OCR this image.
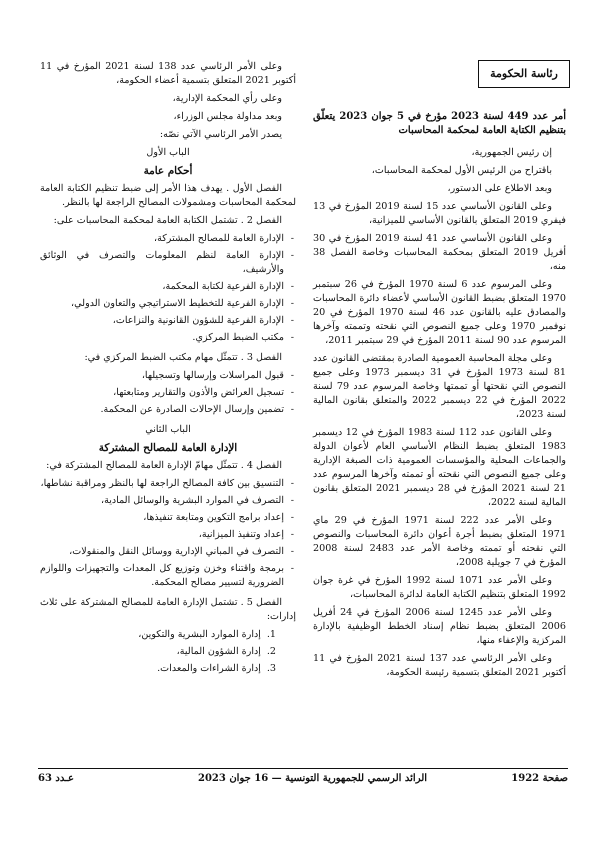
رئاسة الحكومة

أمر عدد 449 لسنة 2023 مؤرخ في 5 جوان 2023 يتعلّق بتنظيم الكتابة العامة لمحكمة المحاسبات

إن رئيس الجمهورية،

باقتراح من الرئيس الأول لمحكمة المحاسبات،

وبعد الاطلاع على الدستور،

وعلى القانون الأساسي عدد 15 لسنة 2019 المؤرخ في 13 فيفري 2019 المتعلق بالقانون الأساسي للميزانية،

وعلى القانون الأساسي عدد 41 لسنة 2019 المؤرخ في 30 أفريل 2019 المتعلق بمحكمة المحاسبات وخاصة الفصل 38 منه،

وعلى المرسوم عدد 6 لسنة 1970 المؤرخ في 26 سبتمبر 1970 المتعلق بضبط القانون الأساسي لأعضاء دائرة المحاسبات والمصادق عليه بالقانون عدد 46 لسنة 1970 المؤرخ في 20 نوفمبر 1970 وعلى جميع النصوص التي نقحته وتممته وآخرها المرسوم عدد 90 لسنة 2011 المؤرخ في 29 سبتمبر 2011،

وعلى مجلة المحاسبة العمومية الصادرة بمقتضى القانون عدد 81 لسنة 1973 المؤرخ في 31 ديسمبر 1973 وعلى جميع النصوص التي نقحتها أو تممتها وخاصة المرسوم عدد 79 لسنة 2022 المؤرخ في 22 ديسمبر 2022 والمتعلق بقانون المالية لسنة 2023،

وعلى القانون عدد 112 لسنة 1983 المؤرخ في 12 ديسمبر 1983 المتعلق بضبط النظام الأساسي العام لأعوان الدولة والجماعات المحلية والمؤسسات العمومية ذات الصبغة الإدارية وعلى جميع النصوص التي نقحته أو تممته وآخرها المرسوم عدد 21 لسنة 2021 المؤرخ في 28 ديسمبر 2021 المتعلق بقانون المالية لسنة 2022،

وعلى الأمر عدد 222 لسنة 1971 المؤرخ في 29 ماي 1971 المتعلق بضبط أجرة أعوان دائرة المحاسبات والنصوص التي نقحته أو تممته وخاصة الأمر عدد 2483 لسنة 2008 المؤرخ في 7 جويلية 2008،

وعلى الأمر عدد 1071 لسنة 1992 المؤرخ في غرة جوان 1992 المتعلق بتنظيم الكتابة العامة لدائرة المحاسبات،

وعلى الأمر عدد 1245 لسنة 2006 المؤرخ في 24 أفريل 2006 المتعلق بضبط نظام إسناد الخطط الوظيفية بالإدارة المركزية والإعفاء منها،

وعلى الأمر الرئاسي عدد 137 لسنة 2021 المؤرخ في 11 أكتوبر 2021 المتعلق بتسمية رئيسة الحكومة،

وعلى الأمر الرئاسي عدد 138 لسنة 2021 المؤرخ في 11 أكتوبر 2021 المتعلق بتسمية أعضاء الحكومة،

وعلى رأي المحكمة الإدارية،

وبعد مداولة مجلس الوزراء،

يصدر الأمر الرئاسي الآتي نصّه:

الباب الأول

أحكام عامة

الفصل الأول . يهدف هذا الأمر إلى ضبط تنظيم الكتابة العامة لمحكمة المحاسبات ومشمولات المصالح الراجعة لها بالنظر.

الفصل 2 . تشتمل الكتابة العامة لمحكمة المحاسبات على:

- الإدارة العامة للمصالح المشتركة،
- الإدارة العامة لنظم المعلومات والتصرف في الوثائق والأرشيف،
- الإدارة الفرعية لكتابة المحكمة،
- الإدارة الفرعية للتخطيط الاستراتيجي والتعاون الدولي،
- الإدارة الفرعية للشؤون القانونية والنزاعات،
- مكتب الضبط المركزي.

الفصل 3 . تتمثّل مهام مكتب الضبط المركزي في:

- قبول المراسلات وإرسالها وتسجيلها،
- تسجيل العرائض والأذون والتقارير ومتابعتها،
- تضمين وإرسال الإحالات الصادرة عن المحكمة.

الباب الثاني

الإدارة العامة للمصالح المشتركة

الفصل 4 . تتمثّل مهامّ الإدارة العامة للمصالح المشتركة في:

- التنسيق بين كافة المصالح الراجعة لها بالنظر ومراقبة نشاطها،
- التصرف في الموارد البشرية والوسائل المادية،
- إعداد برامج التكوين ومتابعة تنفيذها،
- إعداد وتنفيذ الميزانية،
- التصرف في المباني الإدارية ووسائل النقل والمنقولات،
- برمجة واقتناء وخزن وتوزيع كل المعدات والتجهيزات واللوازم الضرورية لتسيير مصالح المحكمة.

الفصل 5 . تشتمل الإدارة العامة للمصالح المشتركة على ثلاث إدارات:

1. إدارة الموارد البشرية والتكوين،
2. إدارة الشؤون المالية،
3. إدارة الشراءات والمعدات.
صفحة 1922
الرائد الرسمي للجمهورية التونسية — 16 جوان 2023
عـدد 63
